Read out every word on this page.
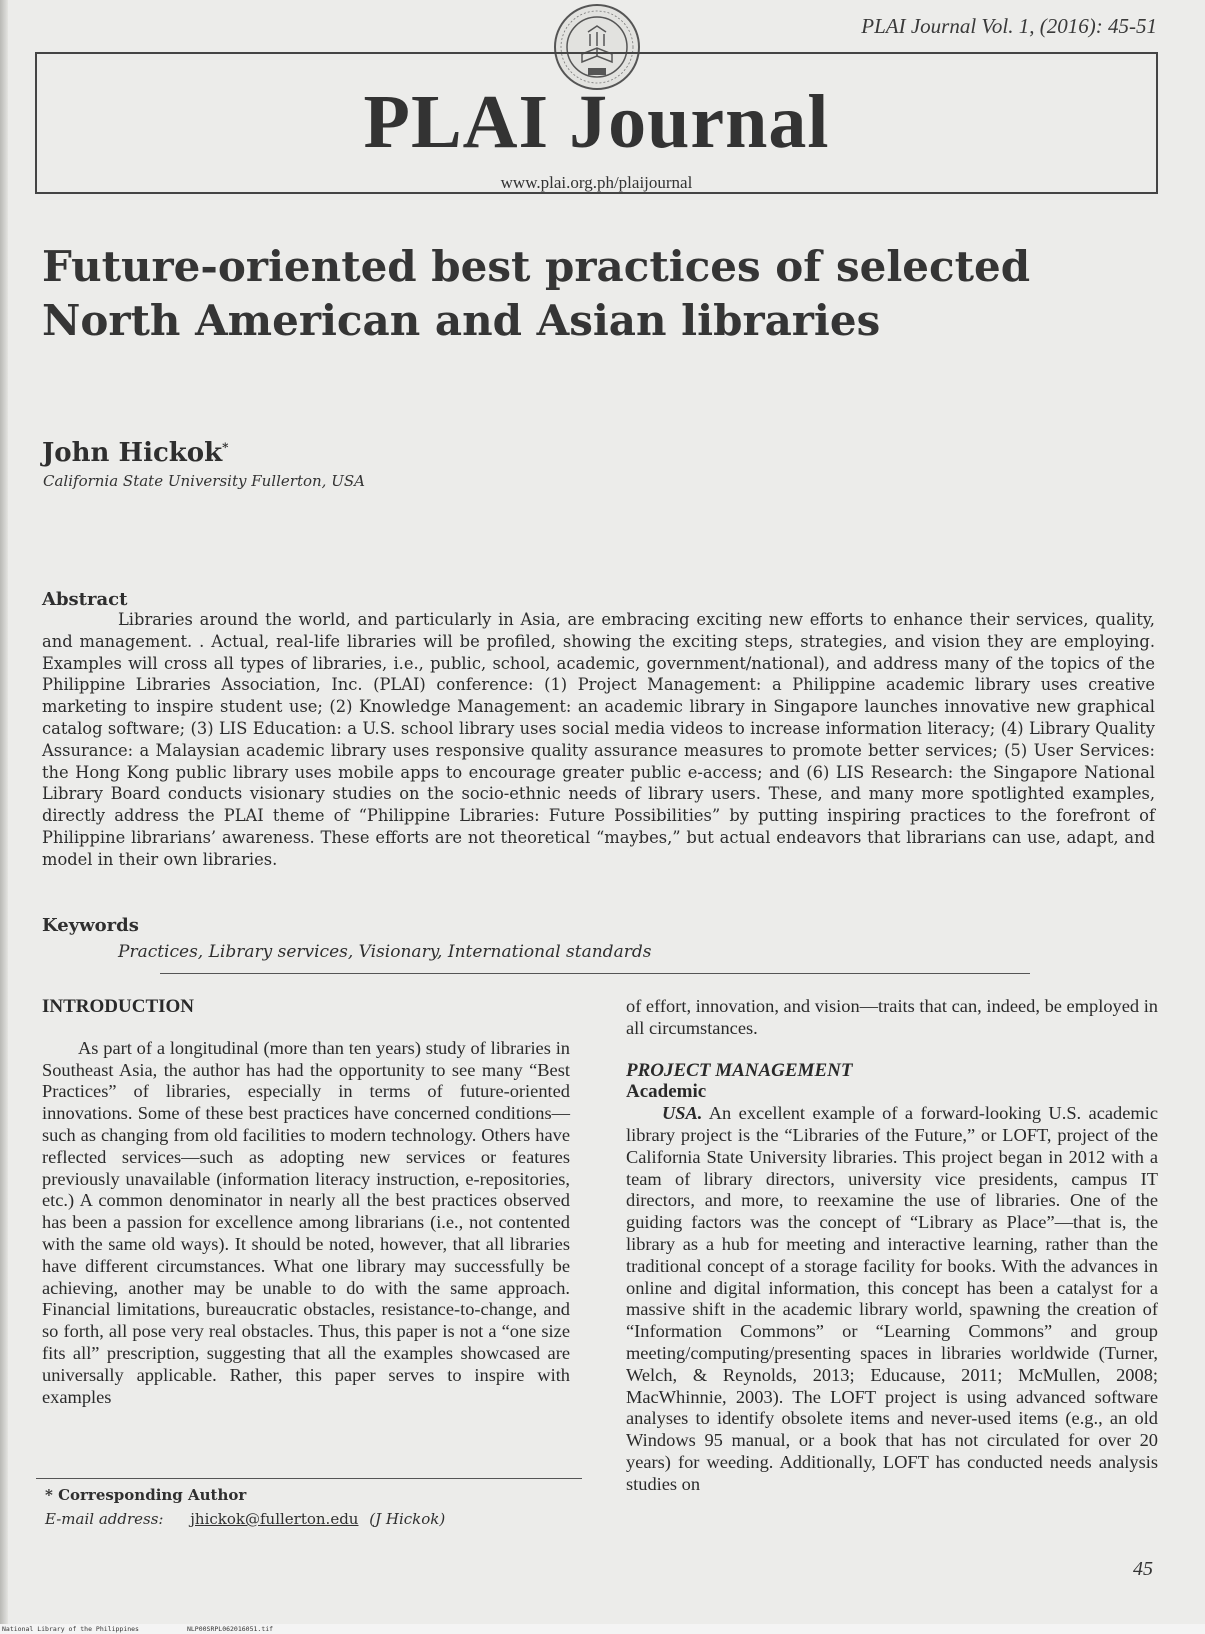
PLAI Journal Vol. 1, (2016): 45-51
PLAI Journal
www.plai.org.ph/plaijournal
Future-oriented best practices of selected
North American and Asian libraries
John Hickok*
California State University Fullerton, USA
Abstract
Libraries around the world, and particularly in Asia, are embracing exciting new efforts to enhance their services, quality, and management. . Actual, real-life libraries will be profiled, showing the exciting steps, strategies, and vision they are employing. Examples will cross all types of libraries, i.e., public, school, academic, government/national), and address many of the topics of the Philippine Libraries Association, Inc. (PLAI) conference: (1) Project Management: a Philippine academic library uses creative marketing to inspire student use; (2) Knowledge Management: an academic library in Singapore launches innovative new graphical catalog software; (3) LIS Education: a U.S. school library uses social media videos to increase information literacy; (4) Library Quality Assurance: a Malaysian academic library uses responsive quality assurance measures to promote better services; (5) User Services: the Hong Kong public library uses mobile apps to encourage greater public e-access; and (6) LIS Research: the Singapore National Library Board conducts visionary studies on the socio-ethnic needs of library users. These, and many more spotlighted examples, directly address the PLAI theme of “Philippine Libraries: Future Possibilities” by putting inspiring practices to the forefront of Philippine librarians’ awareness. These efforts are not theoretical “maybes,” but actual endeavors that librarians can use, adapt, and model in their own libraries.
Keywords
Practices, Library services, Visionary, International standards

INTRODUCTION

As part of a longitudinal (more than ten years) study of libraries in Southeast Asia, the author has had the opportunity to see many “Best Practices” of libraries, especially in terms of future-oriented innovations. Some of these best practices have concerned conditions—such as changing from old facilities to modern technology. Others have reflected services—such as adopting new services or features previously unavailable (information literacy instruction, e-repositories, etc.) A common denominator in nearly all the best practices observed has been a passion for excellence among librarians (i.e., not contented with the same old ways). It should be noted, however, that all libraries have different circumstances. What one library may successfully be achieving, another may be unable to do with the same approach. Financial limitations, bureaucratic obstacles, resistance-to-change, and so forth, all pose very real obstacles. Thus, this paper is not a “one size fits all” prescription, suggesting that all the examples showcased are universally applicable. Rather, this paper serves to inspire with examples

of effort, innovation, and vision—traits that can, indeed, be employed in all circumstances.

PROJECT MANAGEMENT

Academic

USA. An excellent example of a forward-looking U.S. academic library project is the “Libraries of the Future,” or LOFT, project of the California State University libraries. This project began in 2012 with a team of library directors, university vice presidents, campus IT directors, and more, to reexamine the use of libraries. One of the guiding factors was the concept of “Library as Place”—that is, the library as a hub for meeting and interactive learning, rather than the traditional concept of a storage facility for books. With the advances in online and digital information, this concept has been a catalyst for a massive shift in the academic library world, spawning the creation of “Information Commons” or “Learning Commons” and group meeting/computing/presenting spaces in libraries worldwide (Turner, Welch, & Reynolds, 2013; Educause, 2011; McMullen, 2008; MacWhinnie, 2003). The LOFT project is using advanced software analyses to identify obsolete items and never-used items (e.g., an old Windows 95 manual, or a book that has not circulated for over 20 years) for weeding. Additionally, LOFT has conducted needs analysis studies on

* Corresponding Author
E-mail address: jhickok@fullerton.edu (J Hickok)
45
National Library of the Philippines	NLP00SRPL062016051.tif
